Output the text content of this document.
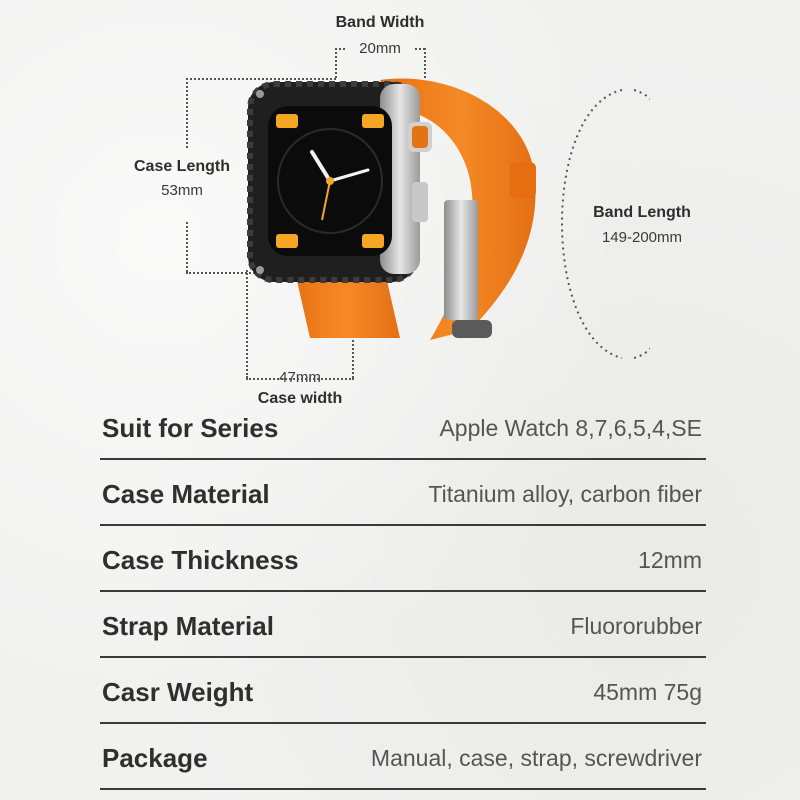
Band Width
20mm
Case Length
53mm
Band Length
149-200mm
47mm
Case width
Suit for Series	Apple Watch 8,7,6,5,4,SE
Case Material	Titanium alloy, carbon fiber
Case Thickness	12mm
Strap Material	Fluororubber
Casr Weight	45mm 75g
Package	Manual, case, strap, screwdriver
